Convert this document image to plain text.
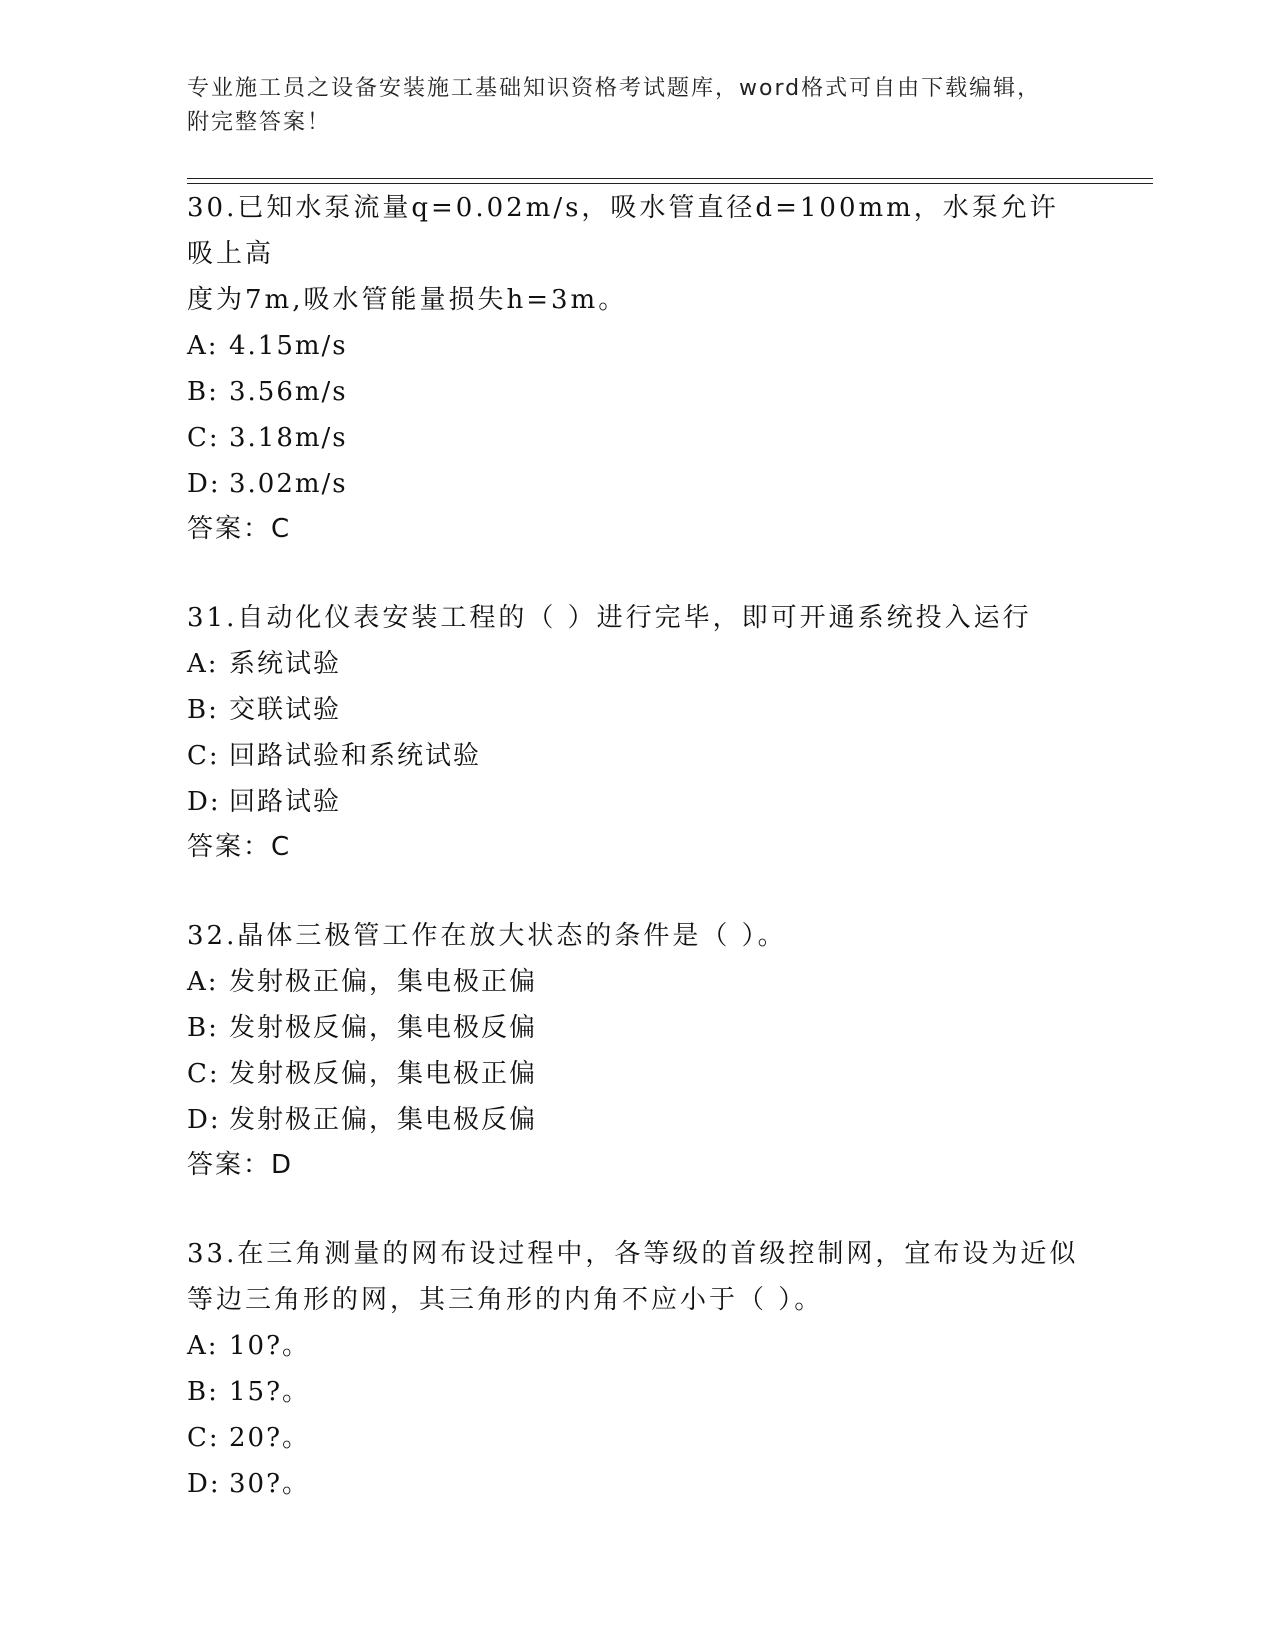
专业施工员之设备安装施工基础知识资格考试题库，word格式可自由下载编辑，
附完整答案！
30.已知水泵流量q=0.02m/s，吸水管直径d=100mm，水泵允许吸上高
度为7m,吸水管能量损失h=3m。
A: 4.15m/s
B: 3.56m/s
C: 3.18m/s
D: 3.02m/s
答案：C
31.自动化仪表安装工程的（ ）进行完毕，即可开通系统投入运行
A: 系统试验
B: 交联试验
C: 回路试验和系统试验
D: 回路试验
答案：C
32.晶体三极管工作在放大状态的条件是（ ）。
A: 发射极正偏，集电极正偏
B: 发射极反偏，集电极反偏
C: 发射极反偏，集电极正偏
D: 发射极正偏，集电极反偏
答案：D
33.在三角测量的网布设过程中，各等级的首级控制网，宜布设为近似
等边三角形的网，其三角形的内角不应小于（ ）。
A: 10?。
B: 15?。
C: 20?。
D: 30?。
